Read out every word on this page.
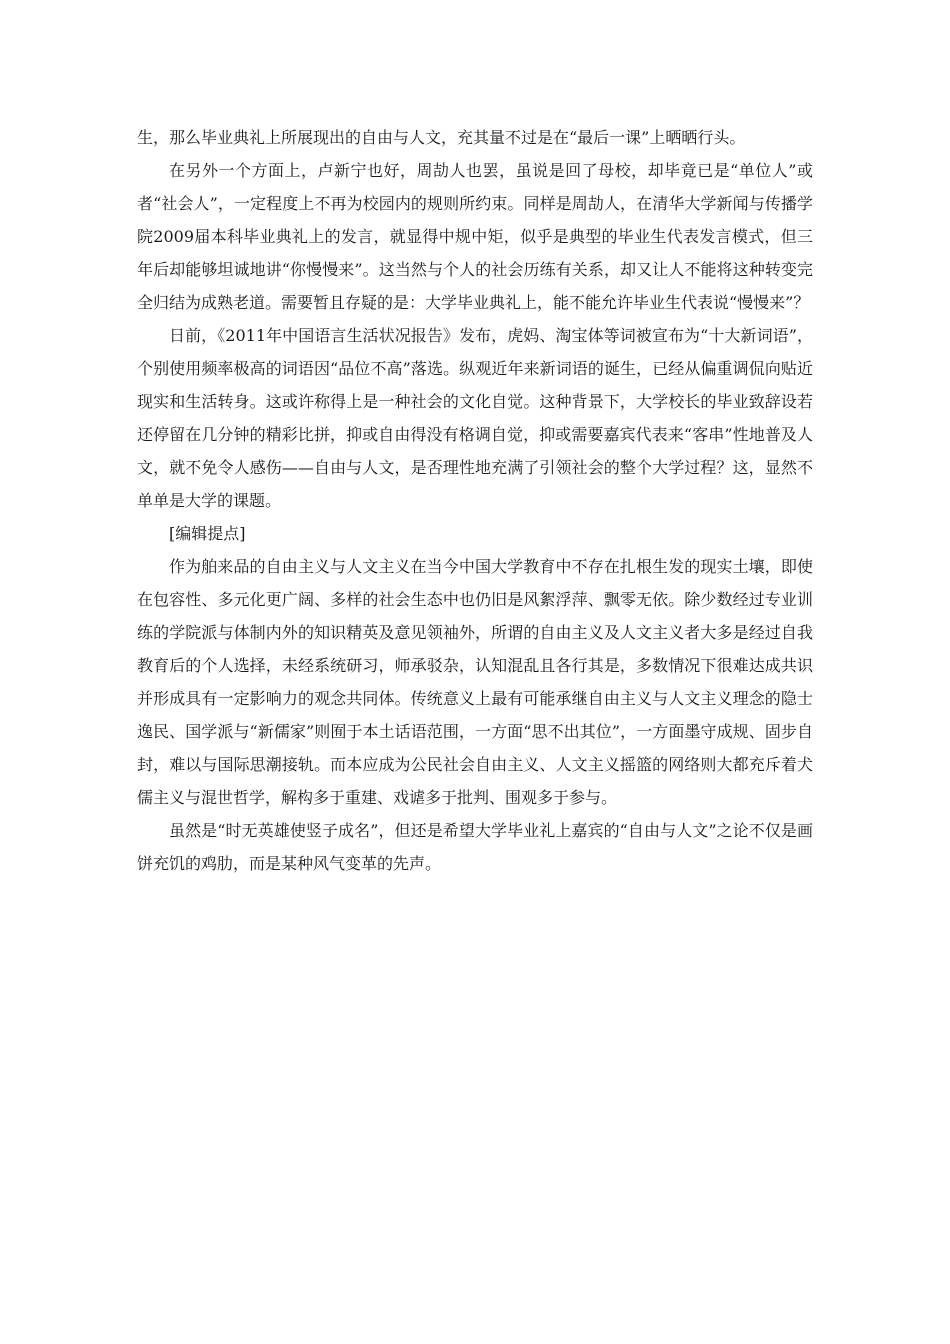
生，那么毕业典礼上所展现出的自由与人文，充其量不过是在“最后一课”上晒晒行头。

在另外一个方面上，卢新宁也好，周劼人也罢，虽说是回了母校，却毕竟已是“单位人”或者“社会人”，一定程度上不再为校园内的规则所约束。同样是周劼人，在清华大学新闻与传播学院2009届本科毕业典礼上的发言，就显得中规中矩，似乎是典型的毕业生代表发言模式，但三年后却能够坦诚地讲“你慢慢来”。这当然与个人的社会历练有关系，却又让人不能将这种转变完全归结为成熟老道。需要暂且存疑的是：大学毕业典礼上，能不能允许毕业生代表说“慢慢来”？

日前，《2011年中国语言生活状况报告》发布，虎妈、淘宝体等词被宣布为“十大新词语”，个别使用频率极高的词语因“品位不高”落选。纵观近年来新词语的诞生，已经从偏重调侃向贴近现实和生活转身。这或许称得上是一种社会的文化自觉。这种背景下，大学校长的毕业致辞设若还停留在几分钟的精彩比拼，抑或自由得没有格调自觉，抑或需要嘉宾代表来“客串”性地普及人文，就不免令人感伤——自由与人文，是否理性地充满了引领社会的整个大学过程？这，显然不单单是大学的课题。

[编辑提点]

作为舶来品的自由主义与人文主义在当今中国大学教育中不存在扎根生发的现实土壤，即使在包容性、多元化更广阔、多样的社会生态中也仍旧是风絮浮萍、飘零无依。除少数经过专业训练的学院派与体制内外的知识精英及意见领袖外，所谓的自由主义及人文主义者大多是经过自我教育后的个人选择，未经系统研习，师承驳杂，认知混乱且各行其是，多数情况下很难达成共识并形成具有一定影响力的观念共同体。传统意义上最有可能承继自由主义与人文主义理念的隐士逸民、国学派与“新儒家”则囿于本土话语范围，一方面“思不出其位”，一方面墨守成规、固步自封，难以与国际思潮接轨。而本应成为公民社会自由主义、人文主义摇篮的网络则大都充斥着犬儒主义与混世哲学，解构多于重建、戏谑多于批判、围观多于参与。

虽然是“时无英雄使竖子成名”，但还是希望大学毕业礼上嘉宾的“自由与人文”之论不仅是画饼充饥的鸡肋，而是某种风气变革的先声。
